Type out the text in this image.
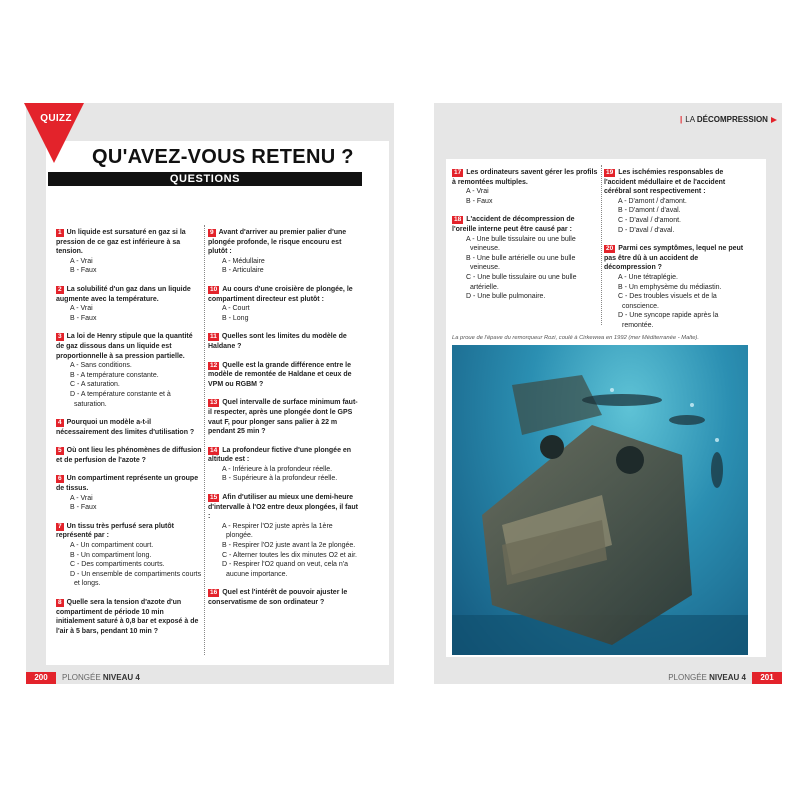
QUIZZ
QU'AVEZ-VOUS RETENU ?
QUESTIONS
| LA DÉCOMPRESSION
1 Un liquide est sursaturé en gaz si la pression de ce gaz est inférieure à sa tension.
A - Vrai
B - Faux
2 La solubilité d'un gaz dans un liquide augmente avec la température.
A - Vrai
B - Faux
3 La loi de Henry stipule que la quantité de gaz dissous dans un liquide est proportionnelle à sa pression partielle.
A - Sans conditions.
B - A température constante.
C - A saturation.
D - A température constante et à saturation.
4 Pourquoi un modèle a-t-il nécessairement des limites d'utilisation ?
5 Où ont lieu les phénomènes de diffusion et de perfusion de l'azote ?
6 Un compartiment représente un groupe de tissus.
A - Vrai
B - Faux
7 Un tissu très perfusé sera plutôt représenté par :
A - Un compartiment court.
B - Un compartiment long.
C - Des compartiments courts.
D - Un ensemble de compartiments courts et longs.
8 Quelle sera la tension d'azote d'un compartiment de période 10 min initialement saturé à 0,8 bar et exposé à de l'air à 5 bars, pendant 10 min ?
9 Avant d'arriver au premier palier d'une plongée profonde, le risque encouru est plutôt :
A - Médullaire
B - Articulaire
10 Au cours d'une croisière de plongée, le compartiment directeur est plutôt :
A - Court
B - Long
11 Quelles sont les limites du modèle de Haldane ?
12 Quelle est la grande différence entre le modèle de remontée de Haldane et ceux de VPM ou RGBM ?
13 Quel intervalle de surface minimum faut-il respecter, après une plongée dont le GPS vaut F, pour plonger sans palier à 22 m pendant 25 min ?
14 La profondeur fictive d'une plongée en altitude est :
A - Inférieure à la profondeur réelle.
B - Supérieure à la profondeur réelle.
15 Afin d'utiliser au mieux une demi-heure d'intervalle à l'O2 entre deux plongées, il faut :
A - Respirer l'O2 juste après la 1ère plongée.
B - Respirer l'O2 juste avant la 2e plongée.
C - Alterner toutes les dix minutes O2 et air.
D - Respirer l'O2 quand on veut, cela n'a aucune importance.
16 Quel est l'intérêt de pouvoir ajuster le conservatisme de son ordinateur ?
17 Les ordinateurs savent gérer les profils à remontées multiples.
A - Vrai
B - Faux
18 L'accident de décompression de l'oreille interne peut être causé par :
A - Une bulle tissulaire ou une bulle veineuse.
B - Une bulle artérielle ou une bulle veineuse.
C - Une bulle tissulaire ou une bulle artérielle.
D - Une bulle pulmonaire.
19 Les ischémies responsables de l'accident médullaire et de l'accident cérébral sont respectivement :
A - D'amont / d'amont.
B - D'amont / d'aval.
C - D'aval / d'amont.
D - D'aval / d'aval.
20 Parmi ces symptômes, lequel ne peut pas être dû à un accident de décompression ?
A - Une tétraplégie.
B - Un emphysème du médiastin.
C - Des troubles visuels et de la conscience.
D - Une syncope rapide après la remontée.
La proue de l'épave du remorqueur Rozi, coulé à Cirkewwa en 1992 (mer Méditerranée - Malte).
200	PLONGÉE NIVEAU 4	PLONGÉE NIVEAU 4	201
